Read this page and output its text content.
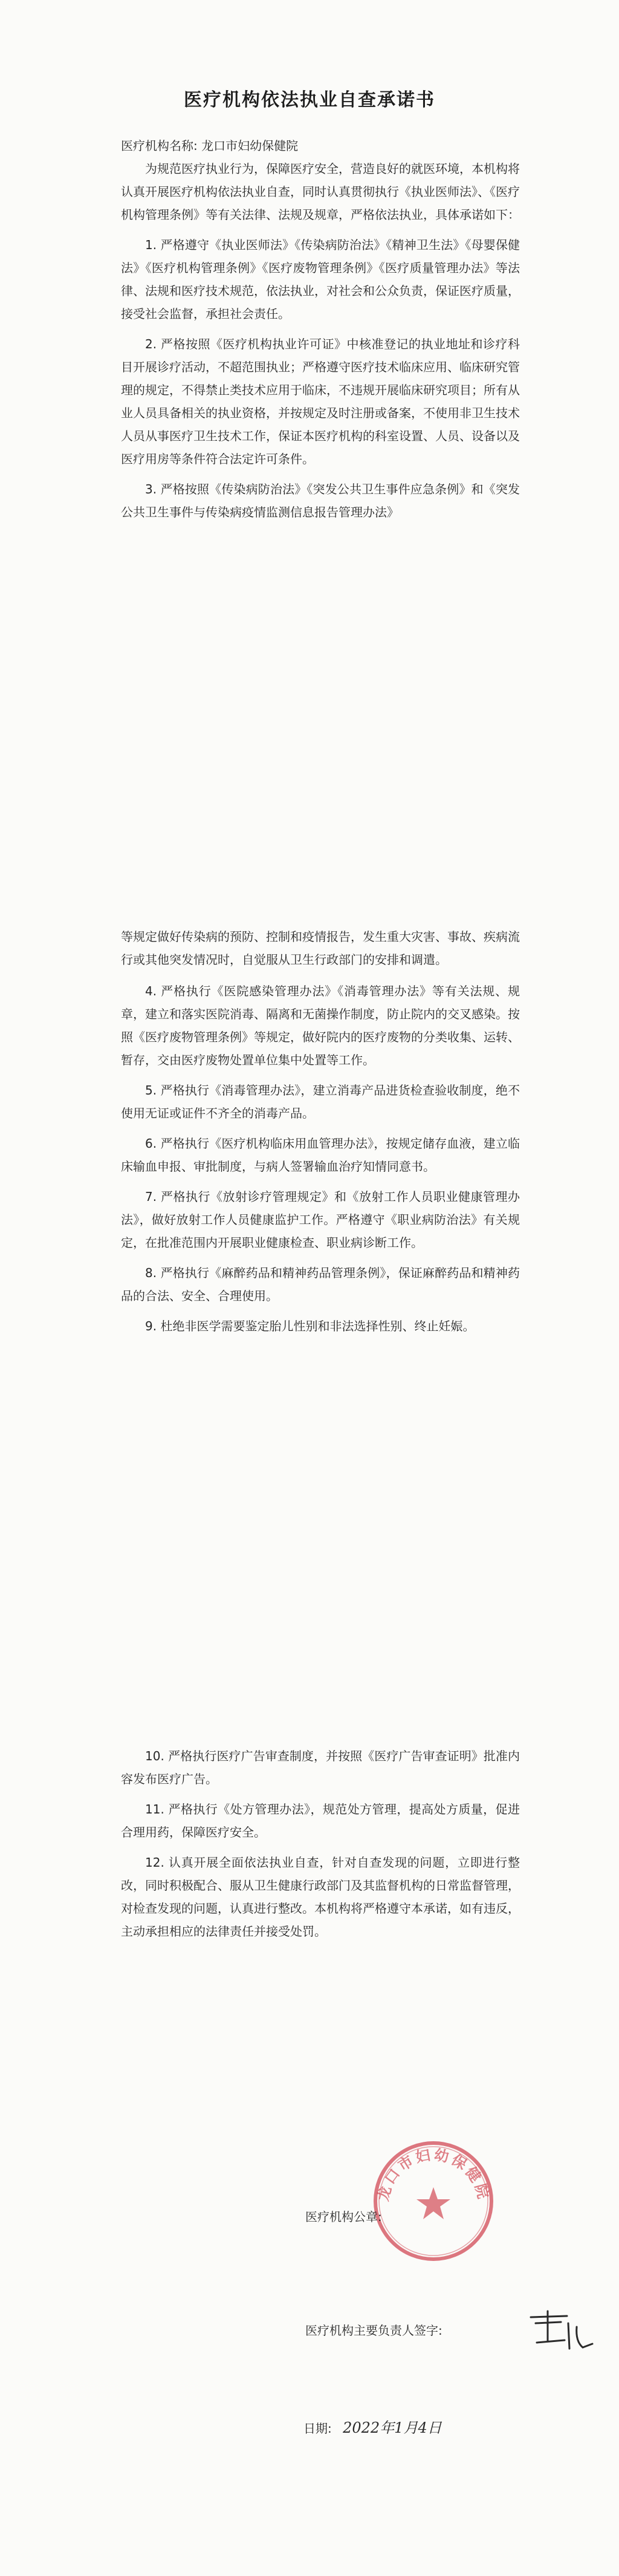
医疗机构依法执业自查承诺书

医疗机构名称: 龙口市妇幼保健院

为规范医疗执业行为，保障医疗安全，营造良好的就医环境，本机构将认真开展医疗机构依法执业自查，同时认真贯彻执行《执业医师法》、《医疗机构管理条例》等有关法律、法规及规章，严格依法执业，具体承诺如下：

1. 严格遵守《执业医师法》《传染病防治法》《精神卫生法》《母婴保健法》《医疗机构管理条例》《医疗废物管理条例》《医疗质量管理办法》等法律、法规和医疗技术规范，依法执业，对社会和公众负责，保证医疗质量，接受社会监督，承担社会责任。

2. 严格按照《医疗机构执业许可证》中核准登记的执业地址和诊疗科目开展诊疗活动，不超范围执业；严格遵守医疗技术临床应用、临床研究管理的规定，不得禁止类技术应用于临床，不违规开展临床研究项目；所有从业人员具备相关的执业资格，并按规定及时注册或备案，不使用非卫生技术人员从事医疗卫生技术工作，保证本医疗机构的科室设置、人员、设备以及医疗用房等条件符合法定许可条件。

3. 严格按照《传染病防治法》《突发公共卫生事件应急条例》和《突发公共卫生事件与传染病疫情监测信息报告管理办法》

等规定做好传染病的预防、控制和疫情报告，发生重大灾害、事故、疾病流行或其他突发情况时，自觉服从卫生行政部门的安排和调遣。

4. 严格执行《医院感染管理办法》《消毒管理办法》等有关法规、规章，建立和落实医院消毒、隔离和无菌操作制度，防止院内的交叉感染。按照《医疗废物管理条例》等规定，做好院内的医疗废物的分类收集、运转、暂存，交由医疗废物处置单位集中处置等工作。

5. 严格执行《消毒管理办法》，建立消毒产品进货检查验收制度，绝不使用无证或证件不齐全的消毒产品。

6. 严格执行《医疗机构临床用血管理办法》，按规定储存血液，建立临床输血申报、审批制度，与病人签署输血治疗知情同意书。

7. 严格执行《放射诊疗管理规定》和《放射工作人员职业健康管理办法》，做好放射工作人员健康监护工作。严格遵守《职业病防治法》有关规定，在批准范围内开展职业健康检查、职业病诊断工作。

8. 严格执行《麻醉药品和精神药品管理条例》，保证麻醉药品和精神药品的合法、安全、合理使用。

9. 杜绝非医学需要鉴定胎儿性别和非法选择性别、终止妊娠。

10. 严格执行医疗广告审查制度，并按照《医疗广告审查证明》批准内容发布医疗广告。

11. 严格执行《处方管理办法》，规范处方管理，提高处方质量，促进合理用药，保障医疗安全。

12. 认真开展全面依法执业自查，针对自查发现的问题，立即进行整改，同时积极配合、服从卫生健康行政部门及其监督机构的日常监督管理，对检查发现的问题，认真进行整改。本机构将严格遵守本承诺，如有违反，主动承担相应的法律责任并接受处罚。

龙口市妇幼保健院
医疗机构公章:
医疗机构主要负责人签字:
日期: 2022年1月4日
